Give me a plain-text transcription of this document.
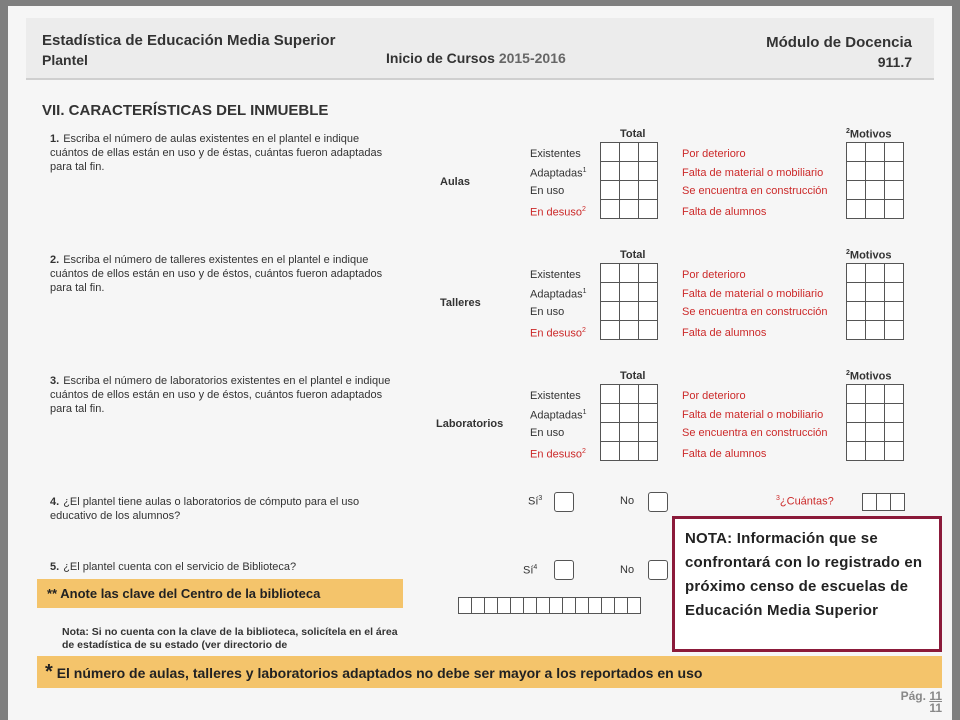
Estadística de Educación Media Superior
Plantel	Inicio de Cursos 2015-2016
Módulo de Docencia
911.7
VII. CARACTERÍSTICAS DEL INMUEBLE
1. Escriba el número de aulas existentes en el plantel e indique cuántos de ellas están en uso y de éstas, cuántas fueron adaptadas para tal fin.
Aulas
Total	$^2$Motivos
Existentes	Por deterioro
Adaptadas$^1$	Falta de material o mobiliario
En uso	Se encuentra en construcción
En desuso$^2$	Falta de alumnos

2. Escriba el número de talleres existentes en el plantel e indique cuántos de ellos están en uso y de éstos, cuántos fueron adaptados para tal fin.
Talleres
Total	$^2$Motivos
Existentes	Por deterioro
Adaptadas$^1$	Falta de material o mobiliario
En uso	Se encuentra en construcción
En desuso$^2$	Falta de alumnos

3. Escriba el número de laboratorios existentes en el plantel e indique cuántos de ellos están en uso y de éstos, cuántos fueron adaptados para tal fin.
Laboratorios
Total	$^2$Motivos
Existentes	Por deterioro
Adaptadas$^1$	Falta de material o mobiliario
En uso	Se encuentra en construcción
En desuso$^2$	Falta de alumnos

4. ¿El plantel tiene aulas o laboratorios de cómputo para el uso educativo de los alumnos?
$Sí^3$	No	$^3$¿Cuántas?

5. ¿El plantel cuenta con el servicio de Biblioteca?	$Sí^4$	No

Nota: Si no cuenta con la clave de la biblioteca, solicítela en el área de estadística de su estado (ver directorio de
** Anote las clave del Centro de la biblioteca
NOTA: Información que se confrontará con lo registrado en próximo censo de escuelas de Educación Media Superior
* El número de aulas, talleres y laboratorios adaptados no debe ser mayor a los reportados en uso
Pág. 11
11
